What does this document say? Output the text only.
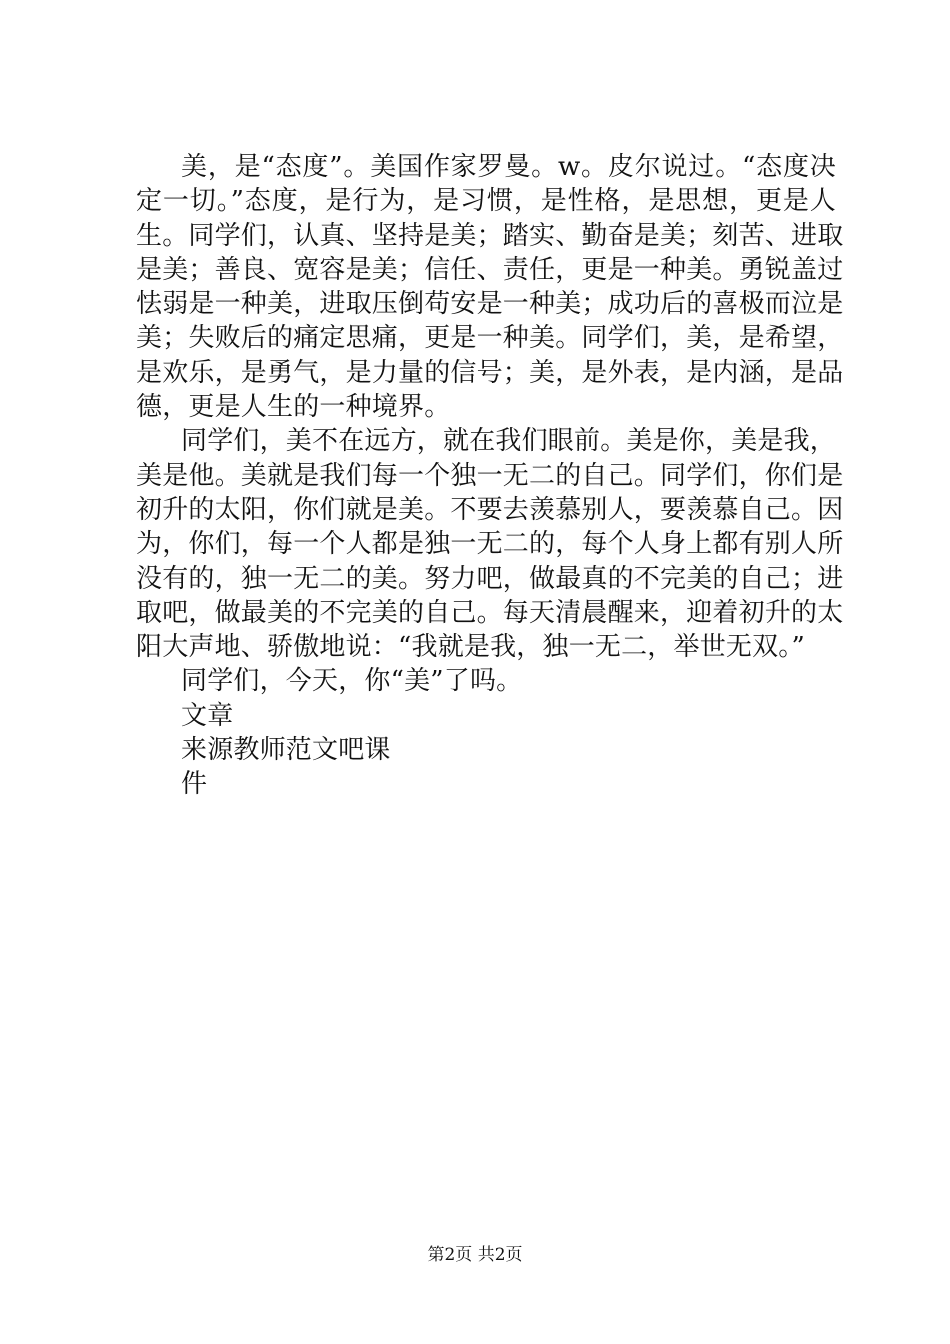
美，是“态度”。美国作家罗曼。w。皮尔说过。“态度决
定一切。”态度，是行为，是习惯，是性格，是思想，更是人
生。同学们，认真、坚持是美；踏实、勤奋是美；刻苦、进取
是美；善良、宽容是美；信任、责任，更是一种美。勇锐盖过
怯弱是一种美，进取压倒苟安是一种美；成功后的喜极而泣是
美；失败后的痛定思痛，更是一种美。同学们，美，是希望，
是欢乐，是勇气，是力量的信号；美，是外表，是内涵，是品
德，更是人生的一种境界。
同学们，美不在远方，就在我们眼前。美是你，美是我，
美是他。美就是我们每一个独一无二的自己。同学们，你们是
初升的太阳，你们就是美。不要去羡慕别人，要羡慕自己。因
为，你们，每一个人都是独一无二的，每个人身上都有别人所
没有的，独一无二的美。努力吧，做最真的不完美的自己；进
取吧，做最美的不完美的自己。每天清晨醒来，迎着初升的太
阳大声地、骄傲地说：“我就是我，独一无二，举世无双。”
同学们，今天，你“美”了吗。
文章
来源教师范文吧课
件
第2页 共2页
